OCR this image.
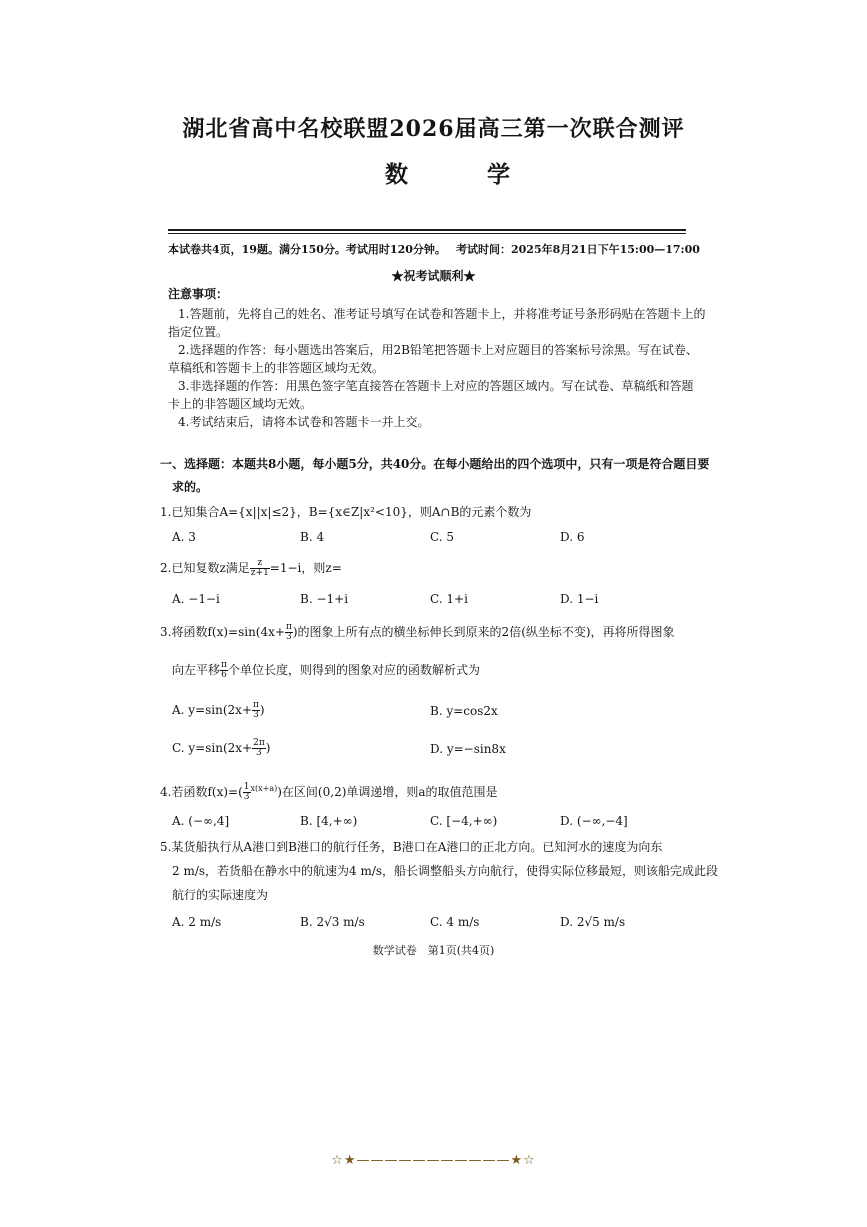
湖北省高中名校联盟2026届高三第一次联合测评
数　学
本试卷共4页，19题。满分150分。考试用时120分钟。 考试时间：2025年8月21日下午15:00—17:00
★祝考试顺利★
注意事项：
1.答题前，先将自己的姓名、准考证号填写在试卷和答题卡上，并将准考证号条形码贴在答题卡上的
指定位置。
2.选择题的作答：每小题选出答案后，用2B铅笔把答题卡上对应题目的答案标号涂黑。写在试卷、
草稿纸和答题卡上的非答题区域均无效。
3.非选择题的作答：用黑色签字笔直接答在答题卡上对应的答题区域内。写在试卷、草稿纸和答题
卡上的非答题区域均无效。
4.考试结束后，请将本试卷和答题卡一并上交。
一、选择题：本题共8小题，每小题5分，共40分。在每小题给出的四个选项中，只有一项是符合题目要
求的。
1.已知集合A={x||x|≤2}，B={x∈Z|x²<10}，则A∩B的元素个数为
A. 3	B. 4	C. 5	D. 6
2.已知复数z满足 $\frac{z}{z+1} =1-i$，则z=
A. −1−i	B. −1+i	C. 1+i	D. 1−i
3.将函数$f(x)=\sin(4x+ \frac{\pi}{3}$ )的图象上所有点的横坐标伸长到原来的2倍(纵坐标不变)，再将所得图象
向左平移 $\frac{\pi}{6}$ 个单位长度，则得到的图象对应的函数解析式为
A. $y=\sin(2x+ \frac{\pi}{3}$ )	B. y=cos2x
C. $y=\sin(2x+ \frac{2\pi}{3}$ )	D. y=−sin8x
4.若函数$f(x)=( \frac{1}{3} ^{x(x+a)})$在区间(0,2)单调递增，则a的取值范围是
A. (−∞,4]	B. [4,+∞)	C. [−4,+∞)	D. (−∞,−4]
5.某货船执行从A港口到B港口的航行任务，B港口在A港口的正北方向。已知河水的速度为向东
2 m/s，若货船在静水中的航速为4 m/s，船长调整船头方向航行，使得实际位移最短，则该船完成此段
航行的实际速度为
A. 2 m/s	B. 2√3 m/s	C. 4 m/s	D. 2√5 m/s
数学试卷　第1页(共4页)
☆★———————————★☆
